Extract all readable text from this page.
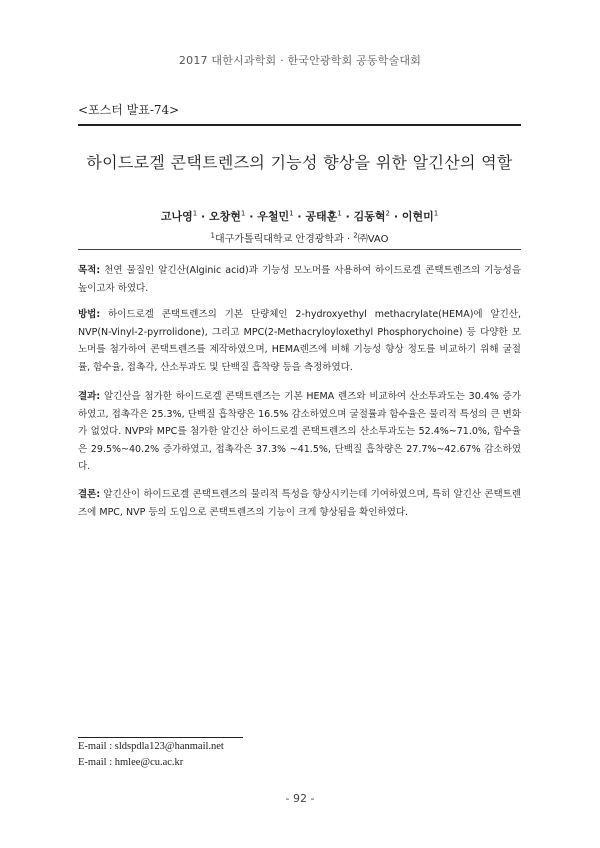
2017 대한시과학회 · 한국안광학회 공동학술대회
<포스터 발표-74>
하이드로겔 콘택트렌즈의 기능성 향상을 위한 알긴산의 역할
고나영$^1$ · 오창현$^1$ · 우철민$^1$ · 공태훈$^1$ · 김동혁$^2$ · 이현미$^1$
$^1$대구가톨릭대학교 안경광학과 · $^2$㈜VAO

목적: 천연 물질인 알긴산(Alginic acid)과 기능성 모노머를 사용하여 하이드로겔 콘택트렌즈의 기능성을 높이고자 하였다.

방법: 하이드로겔 콘택트렌즈의 기본 단량체인 2-hydroxyethyl methacrylate(HEMA)에 알긴산, NVP(N-Vinyl-2-pyrrolidone), 그리고 MPC(2-Methacryloyloxethyl Phosphorychoine) 등 다양한 모노머를 첨가하여 콘택트렌즈를 제작하였으며, HEMA렌즈에 비해 기능성 향상 정도를 비교하기 위해 굴절률, 함수율, 접촉각, 산소투과도 및 단백질 흡착량 등을 측정하였다.

결과: 알긴산을 첨가한 하이드로겔 콘택트렌즈는 기본 HEMA 렌즈와 비교하여 산소투과도는 30.4% 증가하였고, 접촉각은 25.3%, 단백질 흡착량은 16.5% 감소하였으며 굴절률과 함수율은 물리적 특성의 큰 변화가 없었다. NVP와 MPC를 첨가한 알긴산 하이드로겔 콘택트렌즈의 산소투과도는 52.4%~71.0%, 함수율은 29.5%~40.2% 증가하였고, 접촉각은 37.3% ~41.5%, 단백질 흡착량은 27.7%~42.67% 감소하였다.

결론: 알긴산이 하이드로겔 콘택트렌즈의 물리적 특성을 향상시키는데 기여하였으며, 특히 알긴산 콘택트렌즈에 MPC, NVP 등의 도입으로 콘택트렌즈의 기능이 크게 향상됨을 확인하였다.

E-mail : sldspdla123@hanmail.net
E-mail : hmlee@cu.ac.kr
- 92 -
